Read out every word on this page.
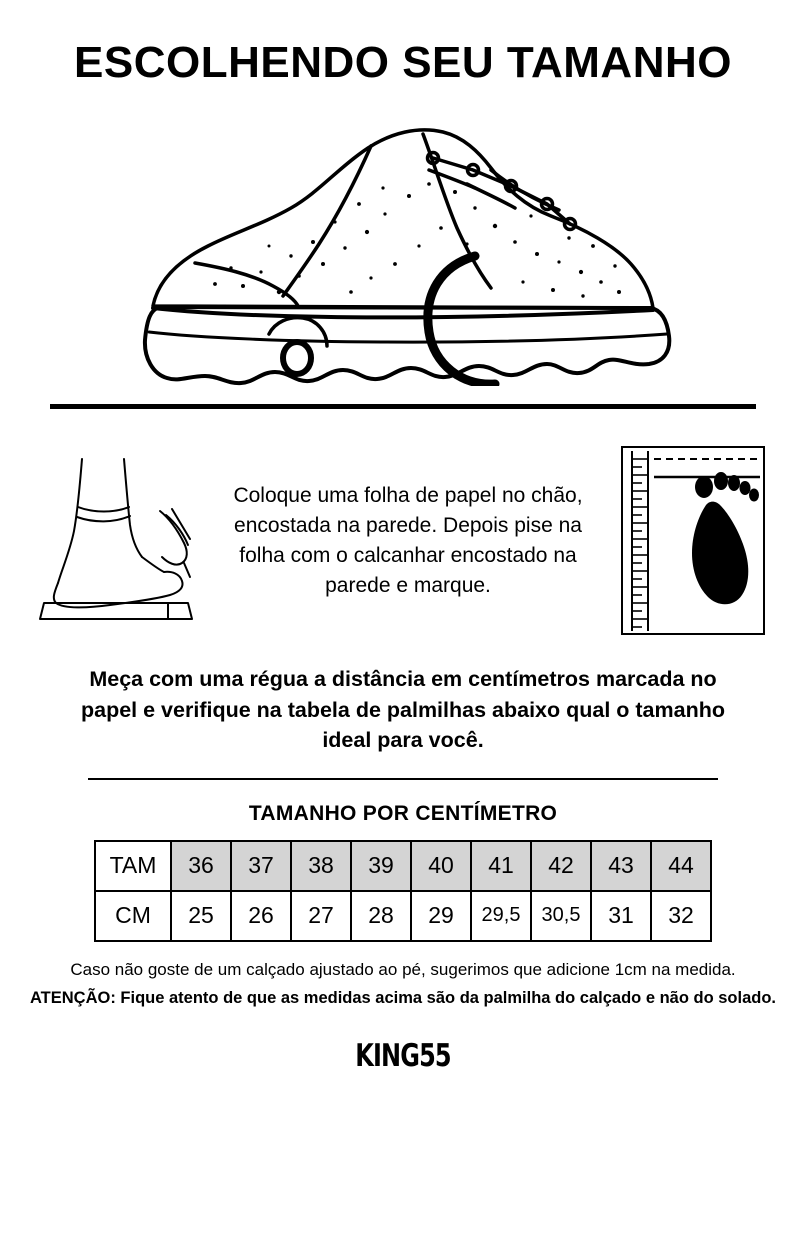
ESCOLHENDO SEU TAMANHO
Coloque uma folha de papel no chão, encostada na parede. Depois pise na folha com o calcanhar encostado na parede e marque.
Meça com uma régua a distância em centímetros marcada no papel e verifique na tabela de palmilhas abaixo qual o tamanho ideal para você.
TAMANHO POR CENTÍMETRO
TAM	36	37	38	39	40	41	42	43	44
CM	25	26	27	28	29	29,5	30,5	31	32
Caso não goste de um calçado ajustado ao pé, sugerimos que adicione 1cm na medida.
ATENÇÃO: Fique atento de que as medidas acima são da palmilha do calçado e não do solado.
KING55
